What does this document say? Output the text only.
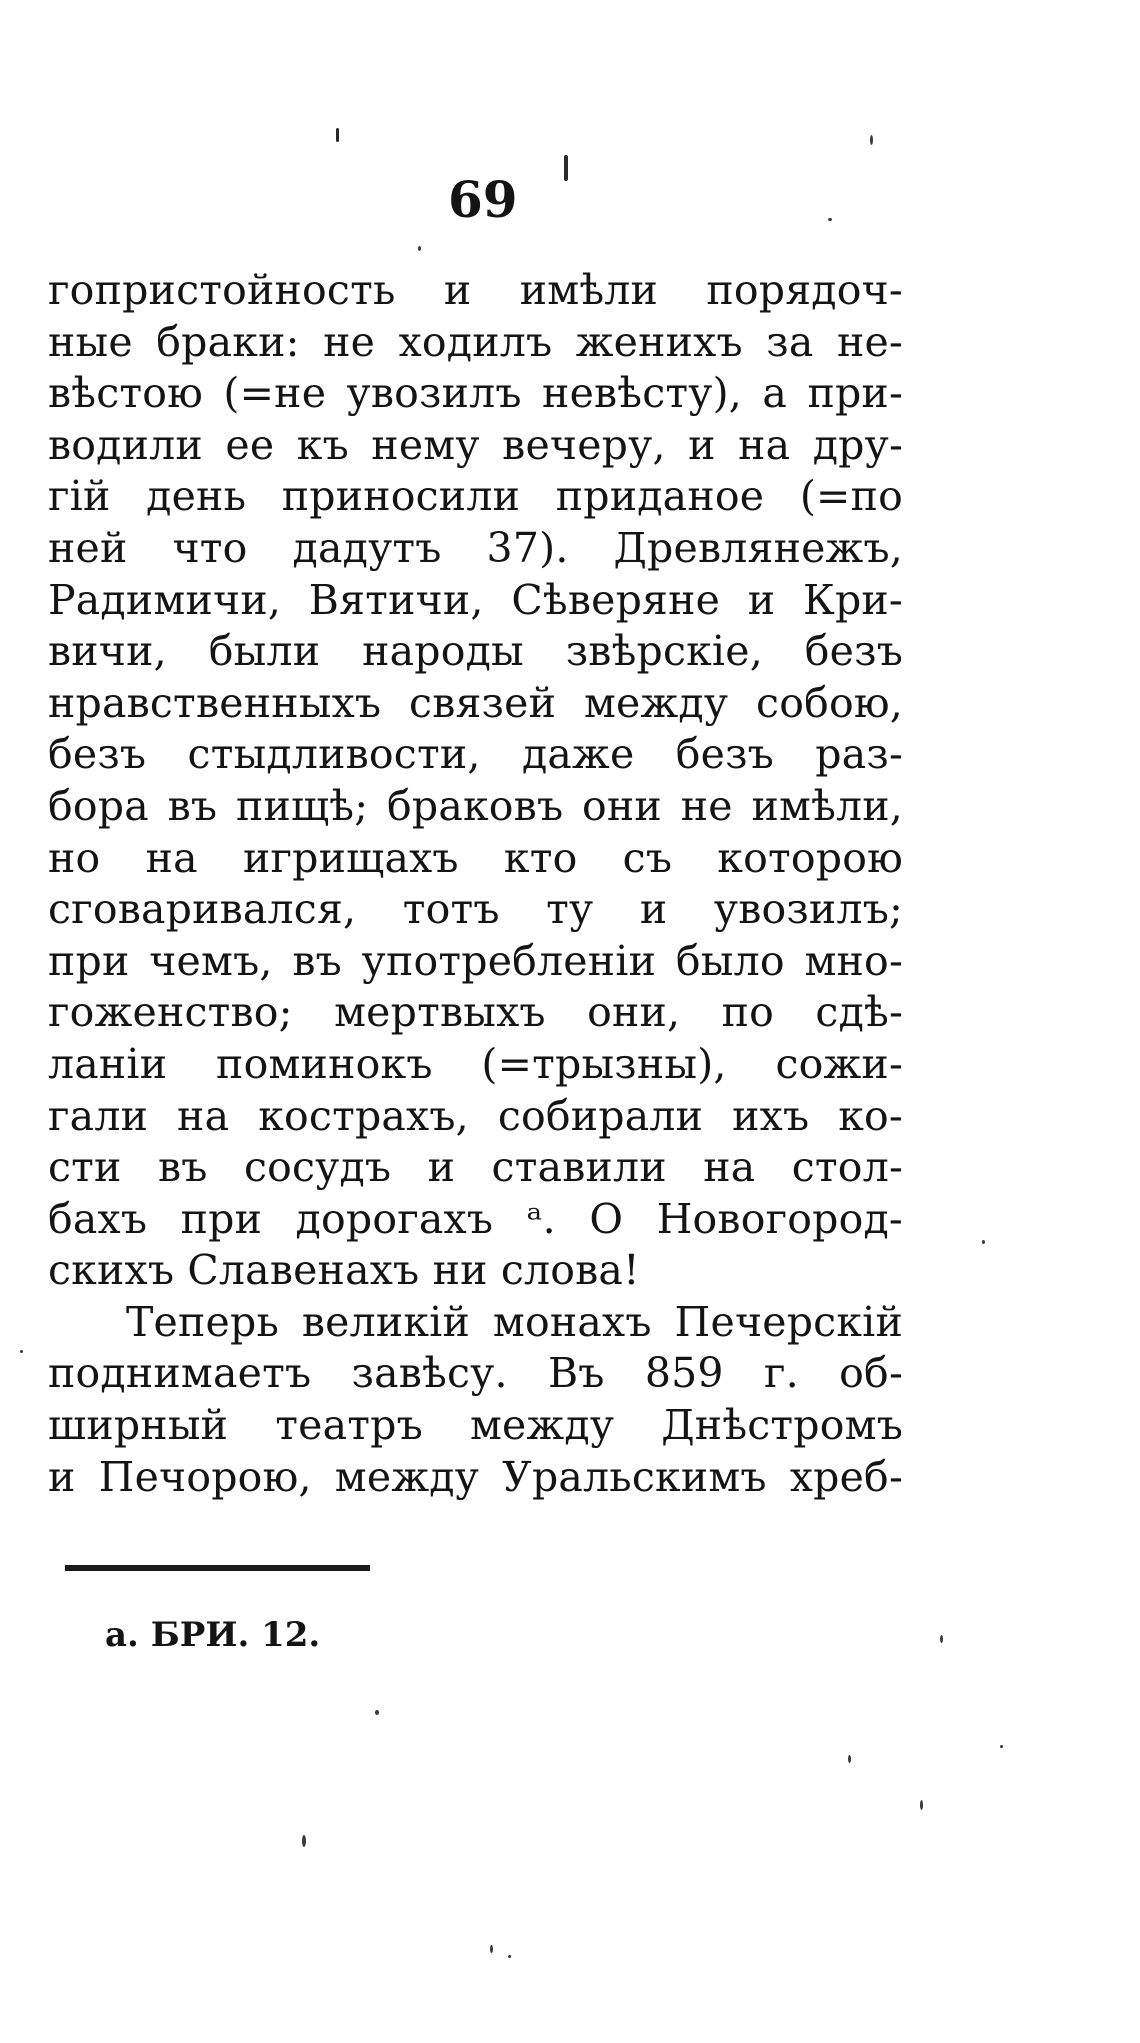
69
гопристойность и имѣли порядоч-
ные браки: не ходилъ женихъ за не-
вѣстою (=не увозилъ невѣсту), а при-
водили ее къ нему вечеру, и на дру-
гій день приносили приданое (=по
ней что дадутъ 37). Древлянежъ,
Радимичи, Вятичи, Сѣверяне и Кри-
вичи, были народы звѣрскіе, безъ
нравственныхъ связей между собою,
безъ стыдливости, даже безъ раз-
бора въ пищѣ; браковъ они не имѣли,
но на игрищахъ кто съ которою
сговаривался, тотъ ту и увозилъ;
при чемъ, въ употребленіи было мно-
гоженство; мертвыхъ они, по сдѣ-
ланіи поминокъ (=трызны), сожи-
гали на кострахъ, собирали ихъ ко-
сти въ сосудъ и ставили на стол-
бахъ при дорогахъ ᵃ. О Новогород-
скихъ Славенахъ ни слова!
Теперь великій монахъ Печерскій
поднимаетъ завѣсу. Въ 859 г. об-
ширный театръ между Днѣстромъ
и Печорою, между Уральскимъ хреб-
a. БРИ. 12.
